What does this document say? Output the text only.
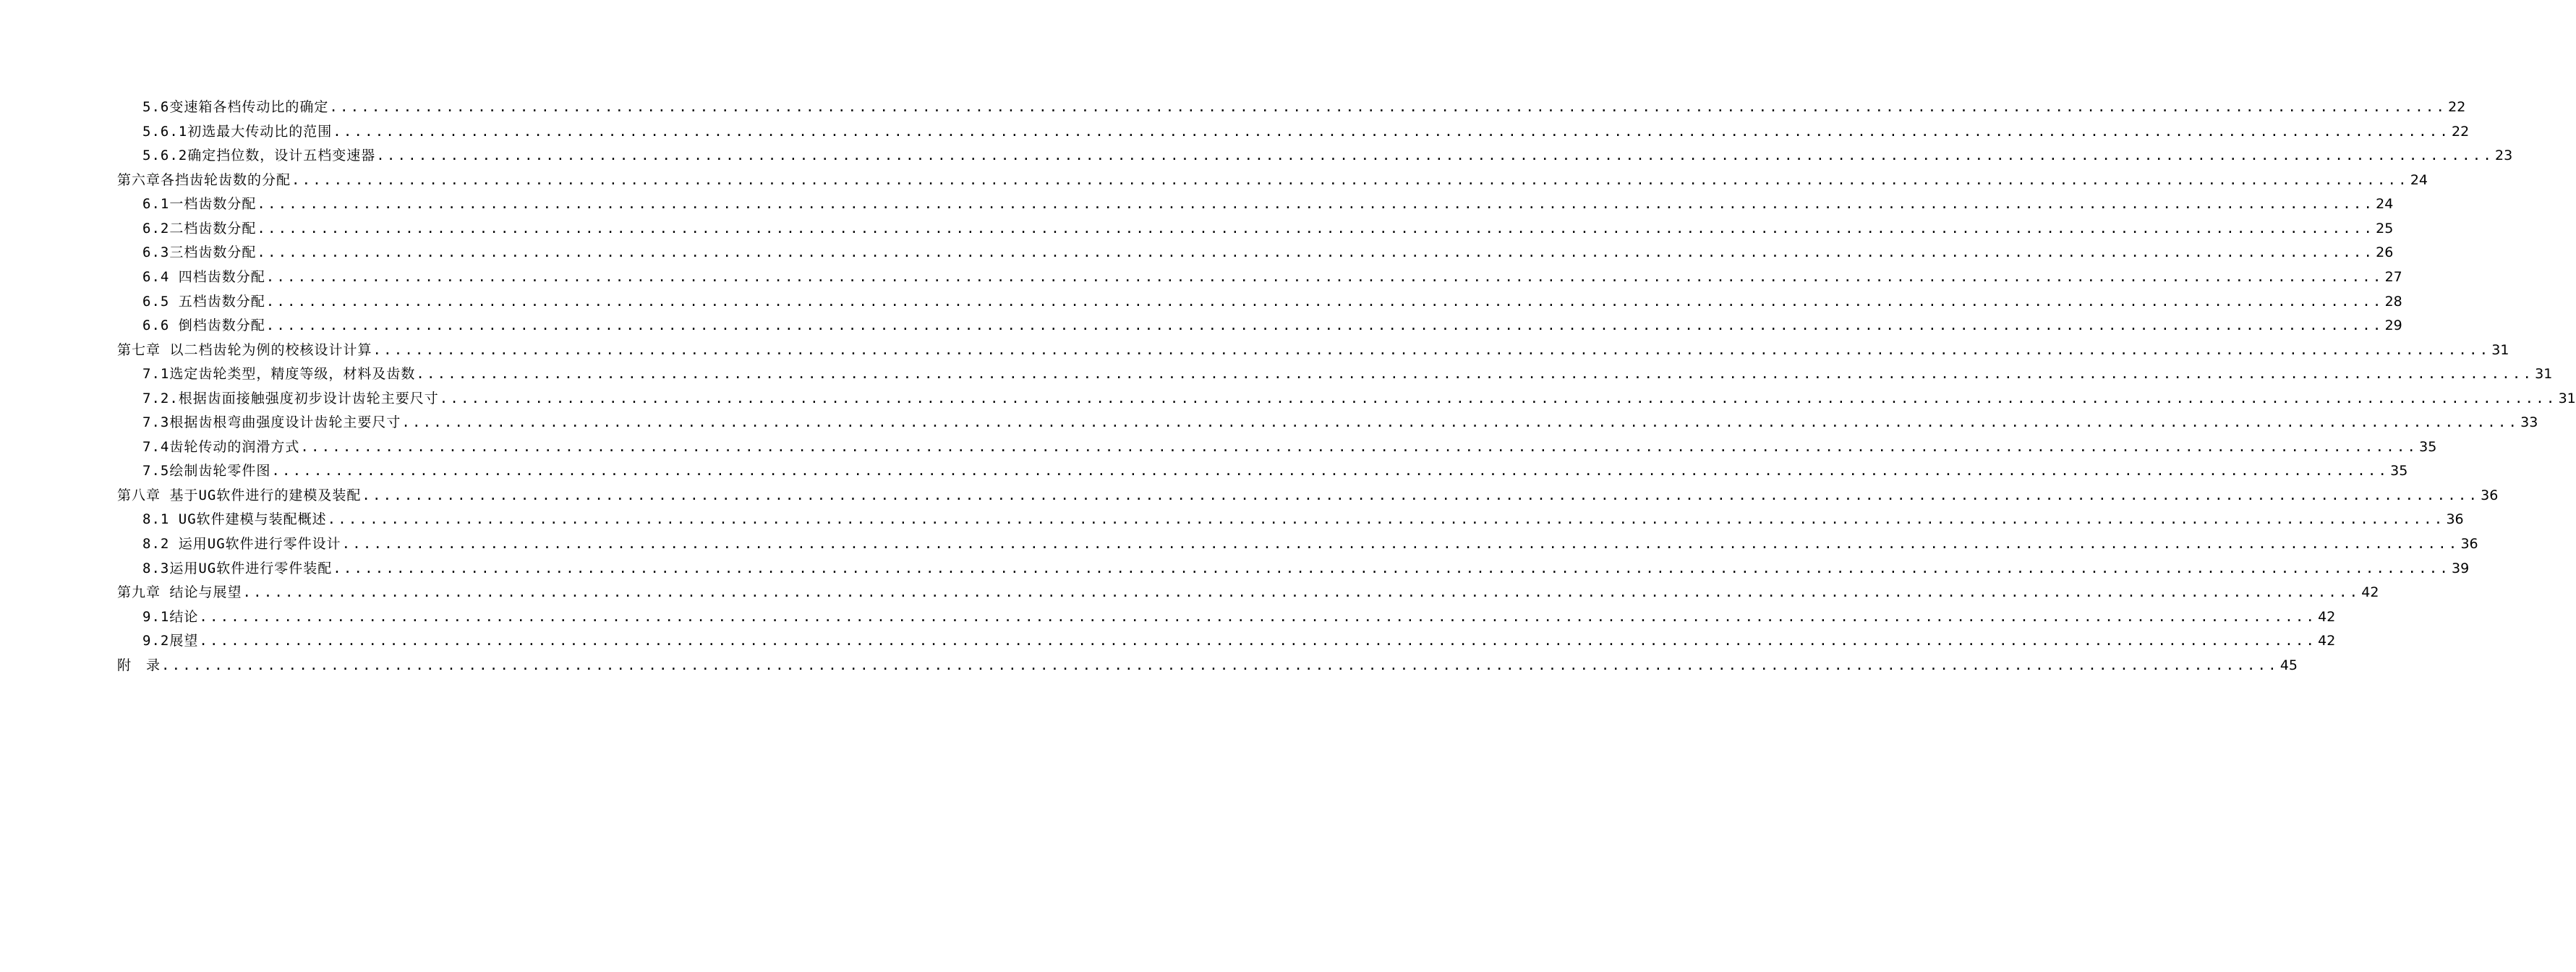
5.6变速箱各档传动比的确定 ........................................................................................................................................................................................................ 22
5.6.1初选最大传动比的范围 ........................................................................................................................................................................................................ 22
5.6.2确定挡位数，设计五档变速器 ........................................................................................................................................................................................................ 23
第六章各挡齿轮齿数的分配 ........................................................................................................................................................................................................ 24
6.1一档齿数分配 ........................................................................................................................................................................................................ 24
6.2二档齿数分配 ........................................................................................................................................................................................................ 25
6.3三档齿数分配 ........................................................................................................................................................................................................ 26
6.4 四档齿数分配 ........................................................................................................................................................................................................ 27
6.5 五档齿数分配 ........................................................................................................................................................................................................ 28
6.6 倒档齿数分配 ........................................................................................................................................................................................................ 29
第七章 以二档齿轮为例的校核设计计算 ........................................................................................................................................................................................................ 31
7.1选定齿轮类型，精度等级，材料及齿数 ........................................................................................................................................................................................................ 31
7.2.根据齿面接触强度初步设计齿轮主要尺寸 ........................................................................................................................................................................................................ 31
7.3根据齿根弯曲强度设计齿轮主要尺寸 ........................................................................................................................................................................................................ 33
7.4齿轮传动的润滑方式 ........................................................................................................................................................................................................ 35
7.5绘制齿轮零件图 ........................................................................................................................................................................................................ 35
第八章 基于UG软件进行的建模及装配 ........................................................................................................................................................................................................ 36
8.1 UG软件建模与装配概述 ........................................................................................................................................................................................................ 36
8.2 运用UG软件进行零件设计 ........................................................................................................................................................................................................ 36
8.3运用UG软件进行零件装配 ........................................................................................................................................................................................................ 39
第九章 结论与展望 ........................................................................................................................................................................................................ 42
9.1结论 ........................................................................................................................................................................................................ 42
9.2展望 ........................................................................................................................................................................................................ 42
附　录 ........................................................................................................................................................................................................ 45
